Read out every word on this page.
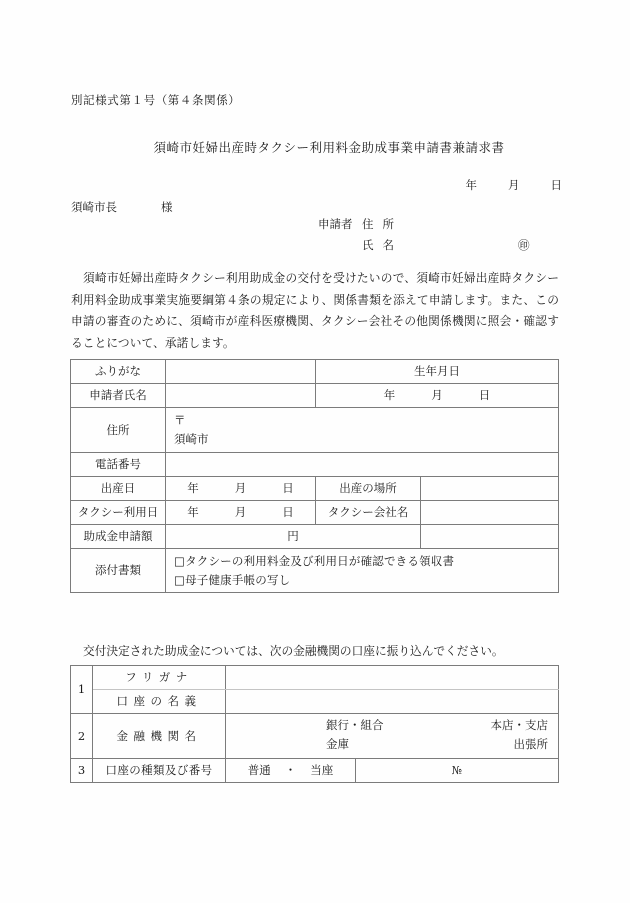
別記様式第１号（第４条関係）
須崎市妊婦出産時タクシー利用料金助成事業申請書兼請求書
年	月	日
須崎市長	様
申請者 住 所
氏 名	㊞
須崎市妊婦出産時タクシー利用助成金の交付を受けたいので、須崎市妊婦出産時タクシー利用料金助成事業実施要綱第４条の規定により、関係書類を添えて申請します。また、この申請の審査のために、須崎市が産科医療機関、タクシー会社その他関係機関に照会・確認することについて、承諾します。
ふりがな		生年月日	
申請者氏名		年 月 日	
住所	〒
須崎市		

電話番号			
出産日	年 月 日	出産の場所	
タクシー利用日	年 月 日	タクシー会社名	
助成金申請額	円		
添付書類	□タクシーの利用料金及び利用日が確認できる領収書
□母子健康手帳の写し		
交付決定された助成金については、次の金融機関の口座に振り込んでください。
1	フリガナ		
	口座の名義		
2	金融機関名	銀行・組合
金庫
本店・支店
出張所	

3	口座の種類及び番号	普通 ・ 当座	№
